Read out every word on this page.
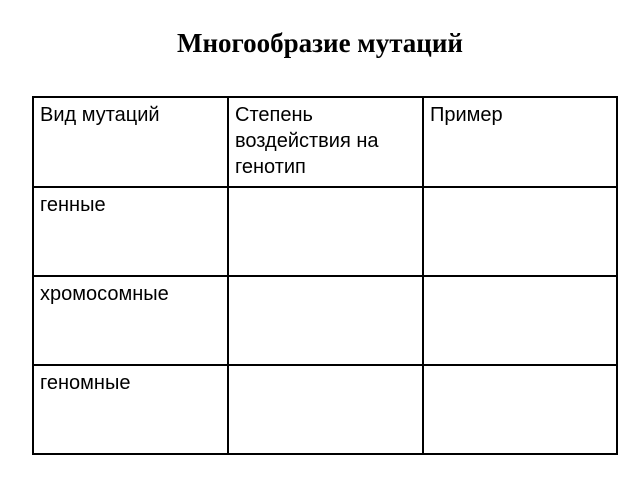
Многообразие мутаций
Вид мутаций	Степень воздействия на генотип	Пример
генные		
хромосомные		
геномные		
